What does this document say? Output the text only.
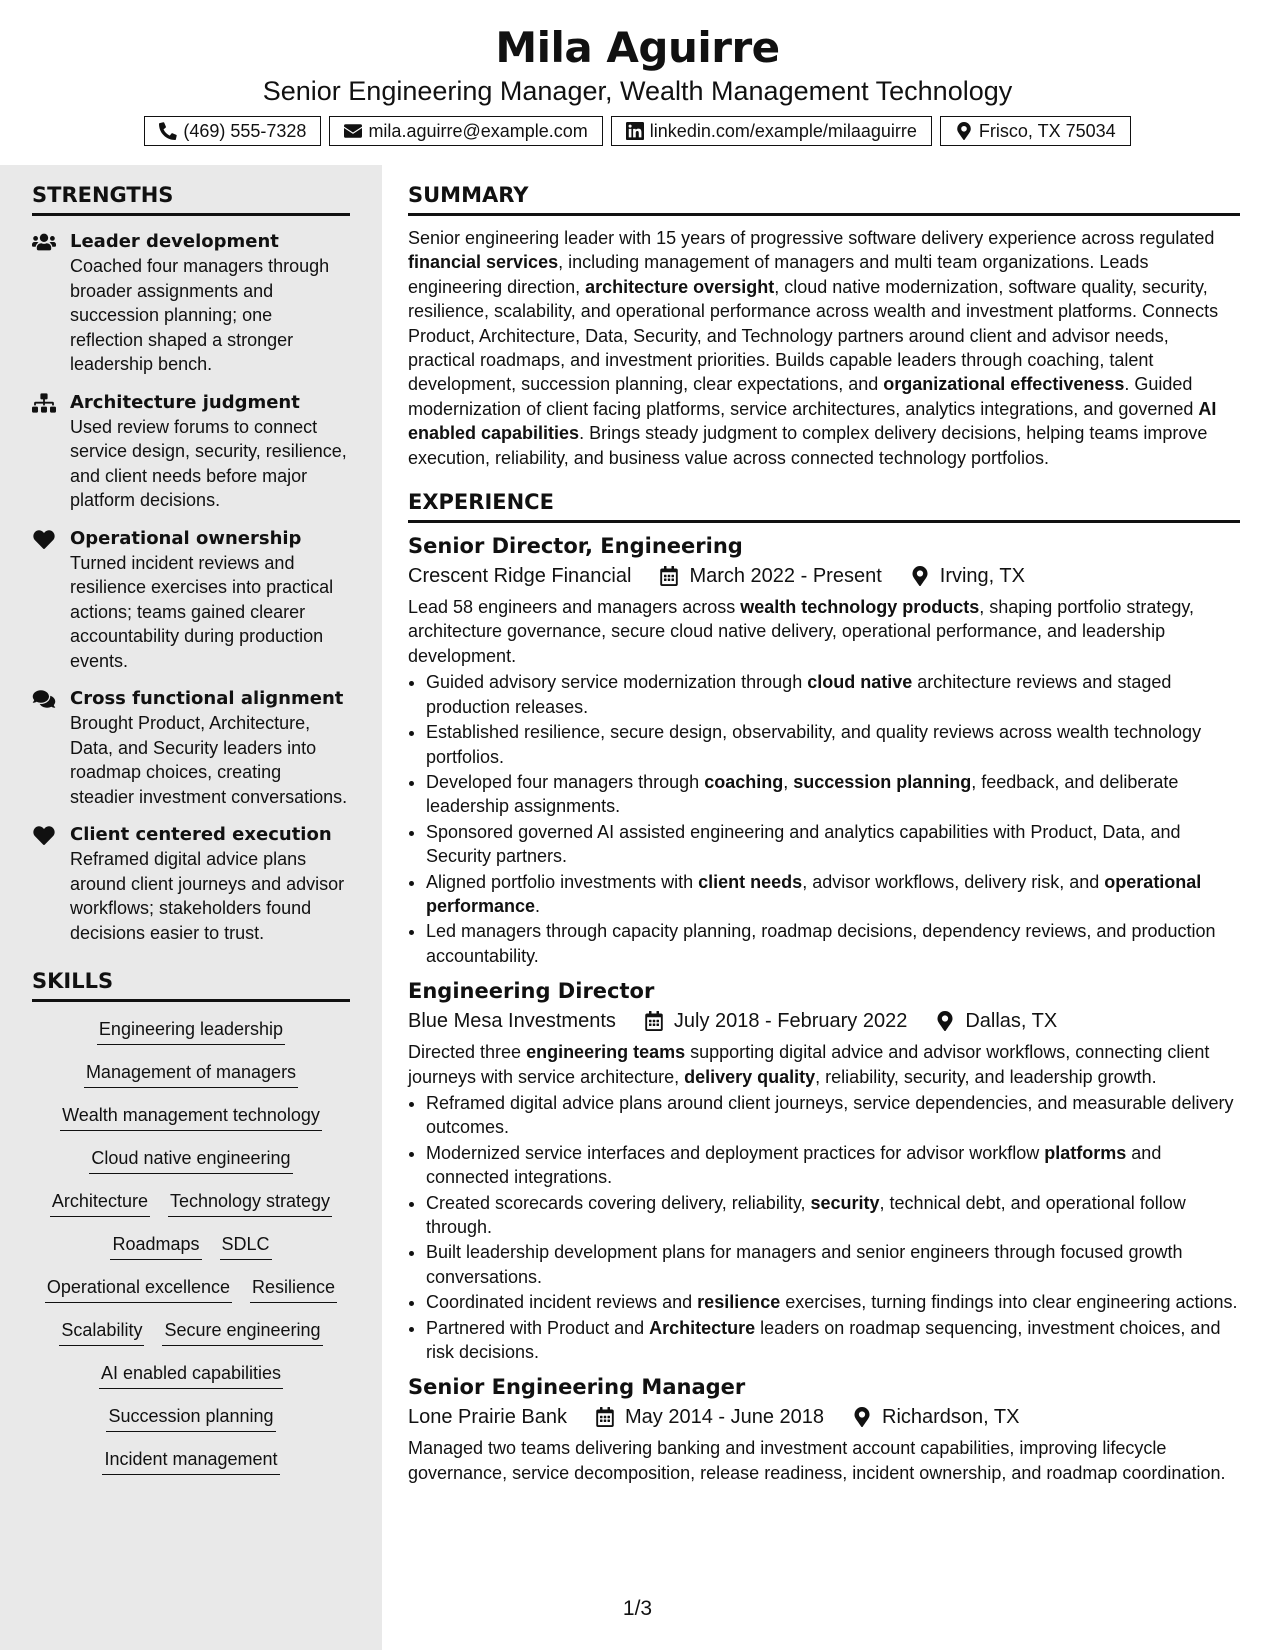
Mila Aguirre
Senior Engineering Manager, Wealth Management Technology
(469) 555-7328	mila.aguirre@example.com	linkedin.com/example/milaaguirre	Frisco, TX 75034
STRENGTHS
Leader development
Coached four managers through broader assignments and succession planning; one reflection shaped a stronger leadership bench.
Architecture judgment
Used review forums to connect service design, security, resilience, and client needs before major platform decisions.
Operational ownership
Turned incident reviews and resilience exercises into practical actions; teams gained clearer accountability during production events.
Cross functional alignment
Brought Product, Architecture, Data, and Security leaders into roadmap choices, creating steadier investment conversations.
Client centered execution
Reframed digital advice plans around client journeys and advisor workflows; stakeholders found decisions easier to trust.
SKILLS
Engineering leadership
Management of managers
Wealth management technology
Cloud native engineering
Architecture Technology strategy
Roadmaps SDLC
Operational excellence Resilience
Scalability Secure engineering
AI enabled capabilities
Succession planning
Incident management
SUMMARY

Senior engineering leader with 15 years of progressive software delivery experience across regulated financial services, including management of managers and multi team organizations. Leads engineering direction, architecture oversight, cloud native modernization, software quality, security, resilience, scalability, and operational performance across wealth and investment platforms. Connects Product, Architecture, Data, Security, and Technology partners around client and advisor needs, practical roadmaps, and investment priorities. Builds capable leaders through coaching, talent development, succession planning, clear expectations, and organizational effectiveness. Guided modernization of client facing platforms, service architectures, analytics integrations, and governed AI enabled capabilities. Brings steady judgment to complex delivery decisions, helping teams improve execution, reliability, and business value across connected technology portfolios.

EXPERIENCE
Senior Director, Engineering
Crescent Ridge Financial	March 2022 - Present	Irving, TX

Lead 58 engineers and managers across wealth technology products, shaping portfolio strategy, architecture governance, secure cloud native delivery, operational performance, and leadership development.

• Guided advisory service modernization through cloud native architecture reviews and staged production releases.
• Established resilience, secure design, observability, and quality reviews across wealth technology portfolios.
• Developed four managers through coaching, succession planning, feedback, and deliberate leadership assignments.
• Sponsored governed AI assisted engineering and analytics capabilities with Product, Data, and Security partners.
• Aligned portfolio investments with client needs, advisor workflows, delivery risk, and operational performance.
• Led managers through capacity planning, roadmap decisions, dependency reviews, and production accountability.
Engineering Director
Blue Mesa Investments	July 2018 - February 2022	Dallas, TX

Directed three engineering teams supporting digital advice and advisor workflows, connecting client journeys with service architecture, delivery quality, reliability, security, and leadership growth.

• Reframed digital advice plans around client journeys, service dependencies, and measurable delivery outcomes.
• Modernized service interfaces and deployment practices for advisor workflow platforms and connected integrations.
• Created scorecards covering delivery, reliability, security, technical debt, and operational follow through.
• Built leadership development plans for managers and senior engineers through focused growth conversations.
• Coordinated incident reviews and resilience exercises, turning findings into clear engineering actions.
• Partnered with Product and Architecture leaders on roadmap sequencing, investment choices, and risk decisions.
Senior Engineering Manager
Lone Prairie Bank	May 2014 - June 2018	Richardson, TX

Managed two teams delivering banking and investment account capabilities, improving lifecycle governance, service decomposition, release readiness, incident ownership, and roadmap coordination.

1/3
